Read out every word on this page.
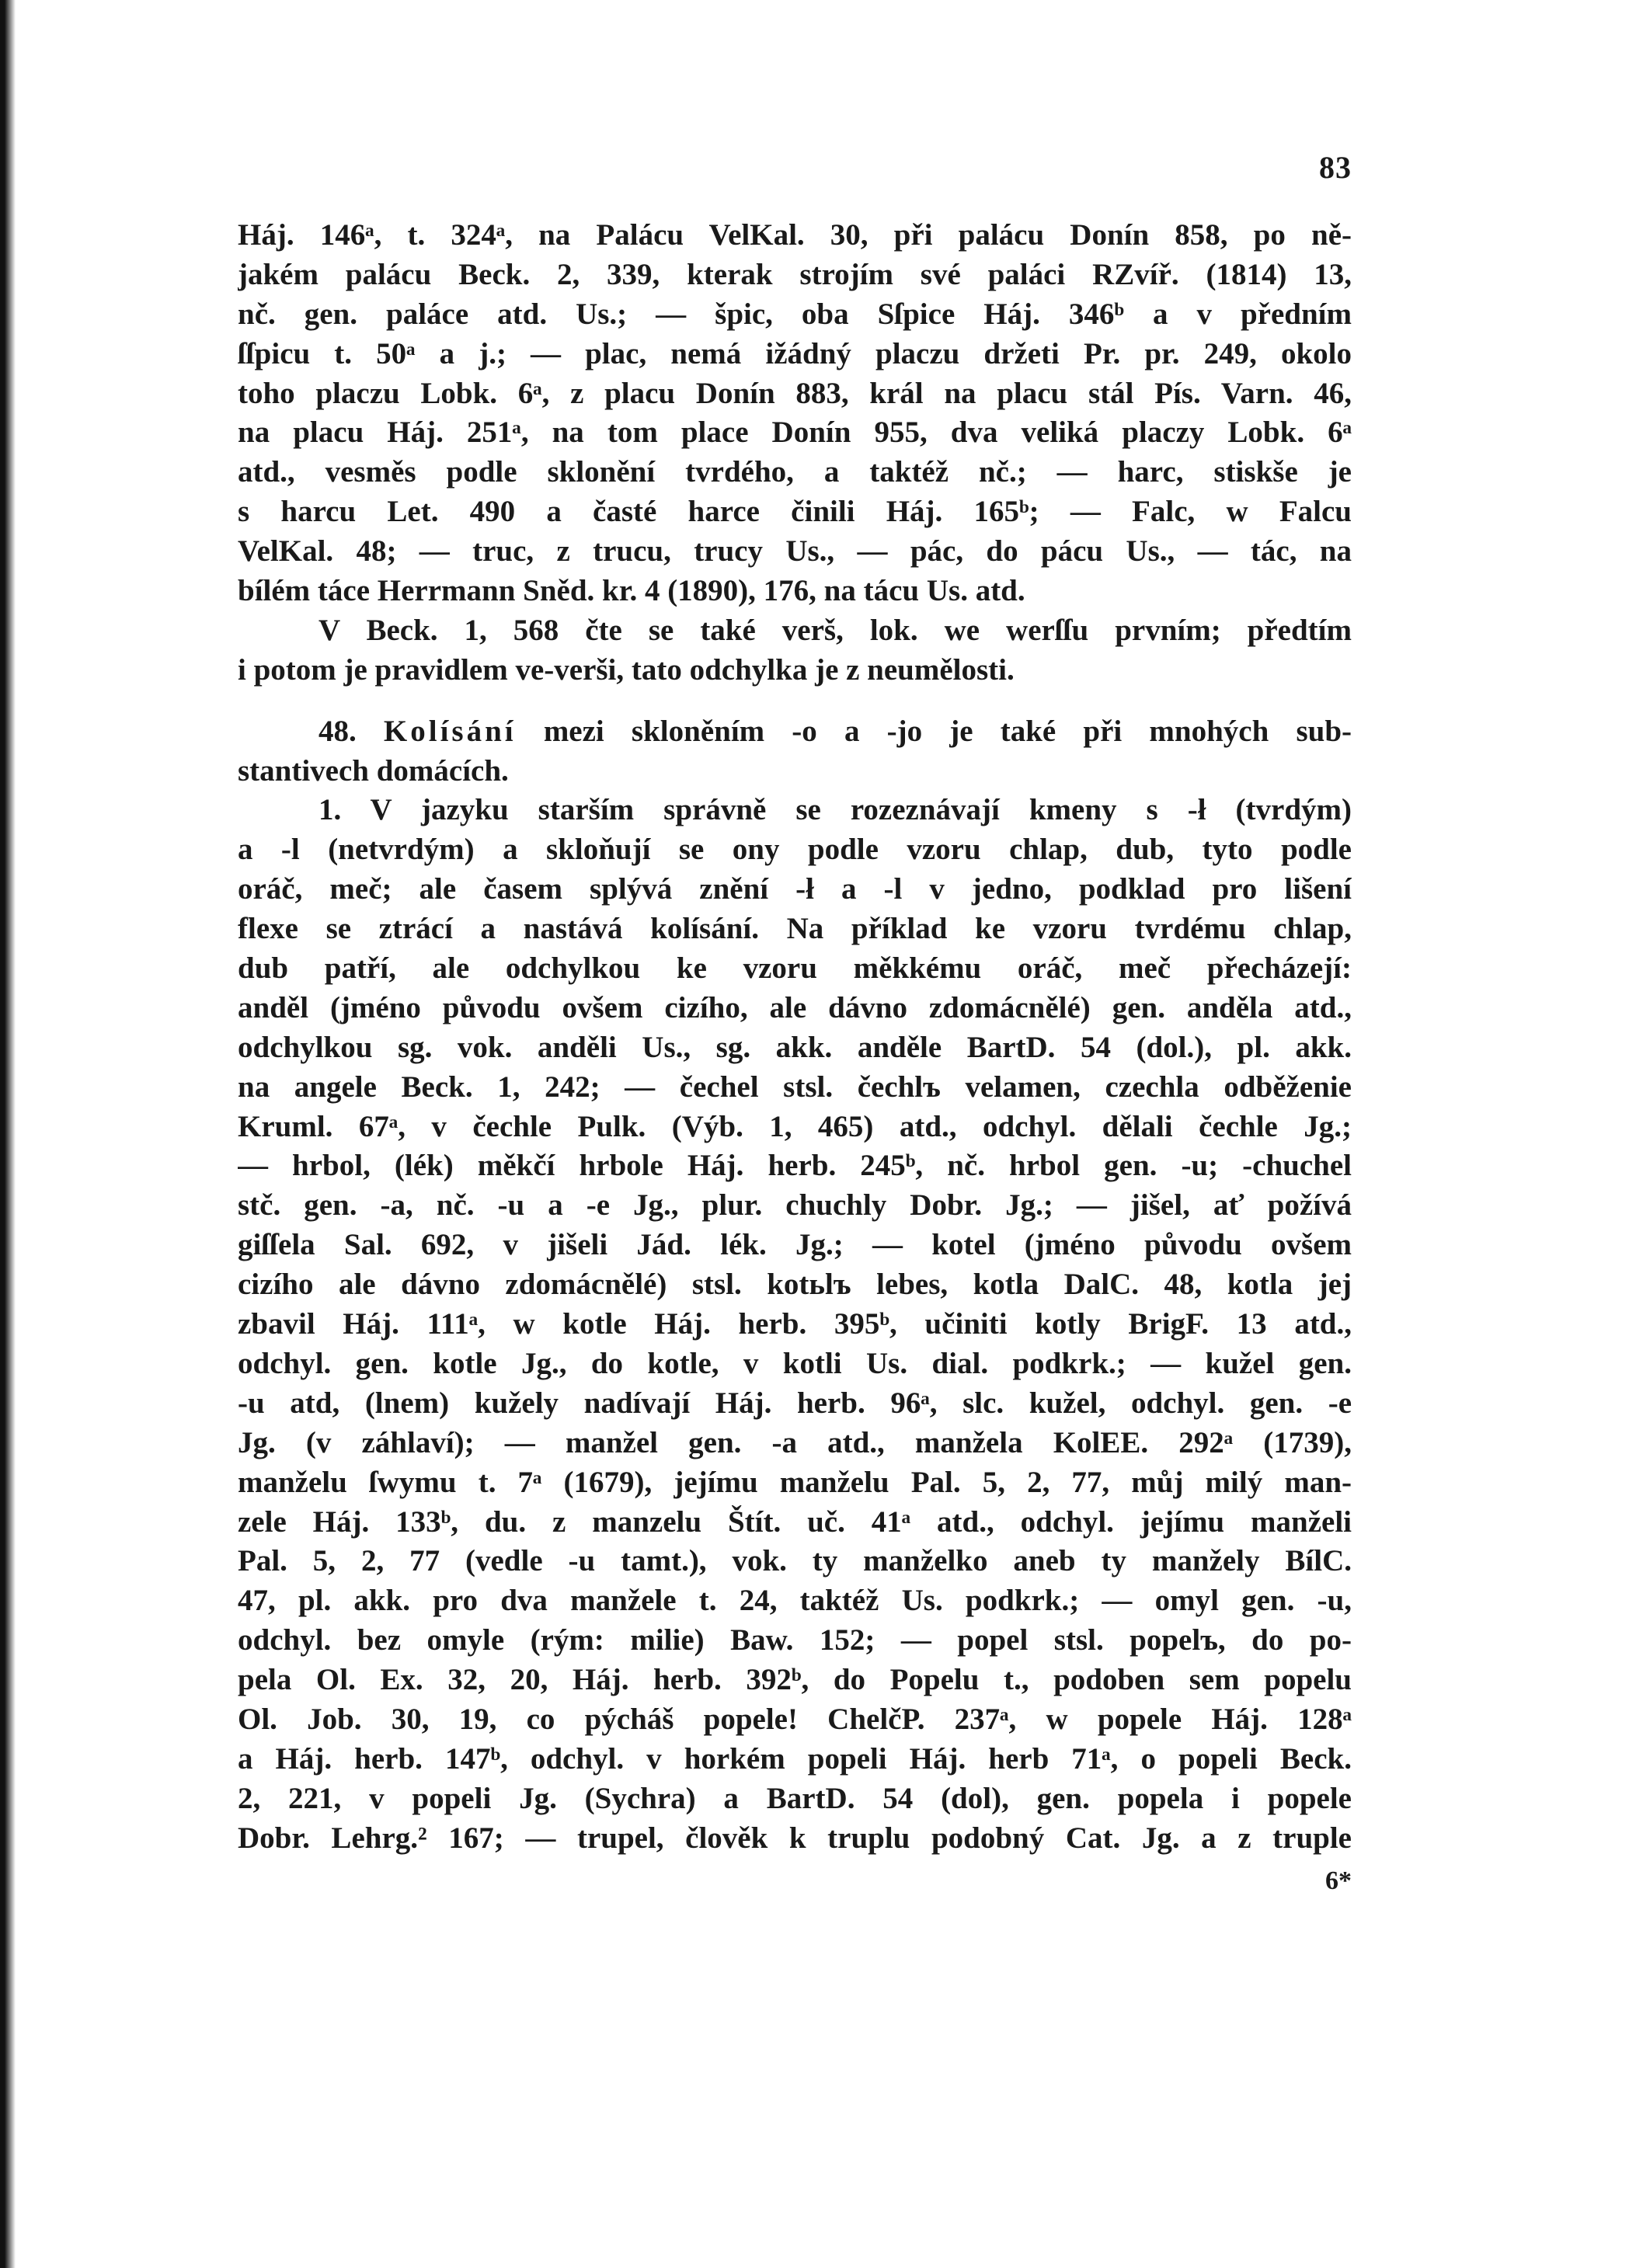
83
Háj. 146ᵃ, t. 324ᵃ, na Palácu VelKal. 30, při palácu Donín 858, po ně-
jakém palácu Beck. 2, 339, kterak strojím své paláci RZvíř. (1814) 13,
nč. gen. paláce atd. Us.; — špic, oba Sſpice Háj. 346ᵇ a v předním
ſſpicu t. 50ᵃ a j.; — plac, nemá ižádný placzu držeti Pr. pr. 249, okolo
toho placzu Lobk. 6ᵃ, z placu Donín 883, král na placu stál Pís. Varn. 46,
na placu Háj. 251ᵃ, na tom place Donín 955, dva veliká placzy Lobk. 6ᵃ
atd., vesměs podle sklonění tvrdého, a taktéž nč.; — harc, stiskše je
s harcu Let. 490 a časté harce činili Háj. 165ᵇ; — Falc, w Falcu
VelKal. 48; — truc, z trucu, trucy Us., — pác, do pácu Us., — tác, na
bílém táce Herrmann Sněd. kr. 4 (1890), 176, na tácu Us. atd.
V Beck. 1, 568 čte se také verš, lok. we werſſu prvním; předtím
i potom je pravidlem ve-verši, tato odchylka je z neumělosti.
48. Kolísání mezi skloněním -o a -jo je také při mnohých sub-
stantivech domácích.
1. V jazyku starším správně se rozeznávají kmeny s -ł (tvrdým)
a -l (netvrdým) a skloňují se ony podle vzoru chlap, dub, tyto podle
oráč, meč; ale časem splývá znění -ł a -l v jedno, podklad pro lišení
flexe se ztrácí a nastává kolísání. Na příklad ke vzoru tvrdému chlap,
dub patří, ale odchylkou ke vzoru měkkému oráč, meč přecházejí:
anděl (jméno původu ovšem cizího, ale dávno zdomácnělé) gen. anděla atd.,
odchylkou sg. vok. anděli Us., sg. akk. anděle BartD. 54 (dol.), pl. akk.
na angele Beck. 1, 242; — čechel stsl. čechlъ velamen, czechla odběženie
Kruml. 67ᵃ, v čechle Pulk. (Výb. 1, 465) atd., odchyl. dělali čechle Jg.;
— hrbol, (lék) měkčí hrbole Háj. herb. 245ᵇ, nč. hrbol gen. -u; -chuchel
stč. gen. -a, nč. -u a -e Jg., plur. chuchly Dobr. Jg.; — jišel, ať požívá
giſſela Sal. 692, v jišeli Jád. lék. Jg.; — kotel (jméno původu ovšem
cizího ale dávno zdomácnělé) stsl. kotьlъ lebes, kotla DalC. 48, kotla jej
zbavil Háj. 111ᵃ, w kotle Háj. herb. 395ᵇ, učiniti kotly BrigF. 13 atd.,
odchyl. gen. kotle Jg., do kotle, v kotli Us. dial. podkrk.; — kužel gen.
-u atd, (lnem) kužely nadívají Háj. herb. 96ᵃ, slc. kužel, odchyl. gen. -e
Jg. (v záhlaví); — manžel gen. -a atd., manžela KolEE. 292ᵃ (1739),
manželu ſwymu t. 7ᵃ (1679), jejímu manželu Pal. 5, 2, 77, můj milý man-
zele Háj. 133ᵇ, du. z manzelu Štít. uč. 41ᵃ atd., odchyl. jejímu manželi
Pal. 5, 2, 77 (vedle -u tamt.), vok. ty manželko aneb ty manžely BílC.
47, pl. akk. pro dva manžele t. 24, taktéž Us. podkrk.; — omyl gen. -u,
odchyl. bez omyle (rým: milie) Baw. 152; — popel stsl. popelъ, do po-
pela Ol. Ex. 32, 20, Háj. herb. 392ᵇ, do Popelu t., podoben sem popelu
Ol. Job. 30, 19, co pýcháš popele! ChelčP. 237ᵃ, w popele Háj. 128ᵃ
a Háj. herb. 147ᵇ, odchyl. v horkém popeli Háj. herb 71ᵃ, o popeli Beck.
2, 221, v popeli Jg. (Sychra) a BartD. 54 (dol), gen. popela i popele
Dobr. Lehrg.² 167; — trupel, člověk k truplu podobný Cat. Jg. a z truple
6*
